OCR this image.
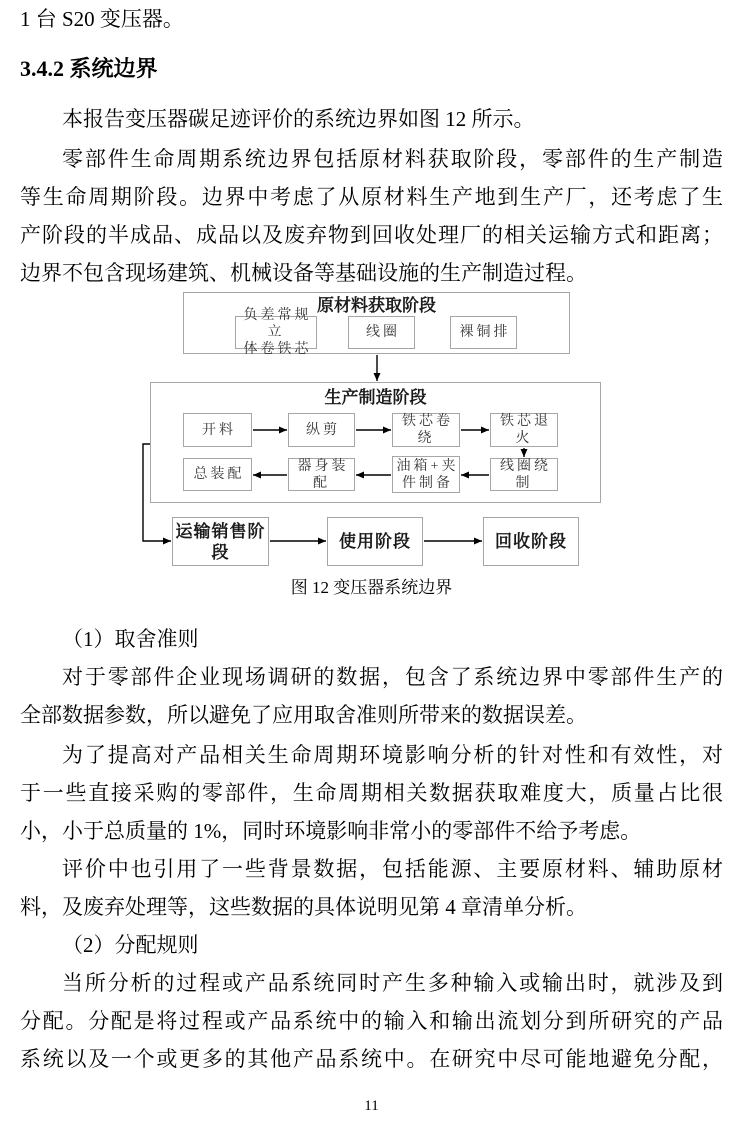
1 台 S20 变压器。
3.4.2 系统边界
本报告变压器碳足迹评价的系统边界如图 12 所示。
零部件生命周期系统边界包括原材料获取阶段，零部件的生产制造
等生命周期阶段。边界中考虑了从原材料生产地到生产厂，还考虑了生
产阶段的半成品、成品以及废弃物到回收处理厂的相关运输方式和距离；
边界不包含现场建筑、机械设备等基础设施的生产制造过程。
原材料获取阶段
负差常规立
体卷铁芯
线圈	裸铜排
生产制造阶段
开料	纵剪
铁芯卷绕
铁芯退火
总装配
器身装配
油箱+夹
件制备
线圈绕制
运输销售阶
段
使用阶段	回收阶段
图 12 变压器系统边界
（1）取舍准则
对于零部件企业现场调研的数据，包含了系统边界中零部件生产的
全部数据参数，所以避免了应用取舍准则所带来的数据误差。
为了提高对产品相关生命周期环境影响分析的针对性和有效性，对
于一些直接采购的零部件，生命周期相关数据获取难度大，质量占比很
小，小于总质量的 1%，同时环境影响非常小的零部件不给予考虑。
评价中也引用了一些背景数据，包括能源、主要原材料、辅助原材
料，及废弃处理等，这些数据的具体说明见第 4 章清单分析。
（2）分配规则
当所分析的过程或产品系统同时产生多种输入或输出时，就涉及到
分配。分配是将过程或产品系统中的输入和输出流划分到所研究的产品
系统以及一个或更多的其他产品系统中。在研究中尽可能地避免分配，
11
